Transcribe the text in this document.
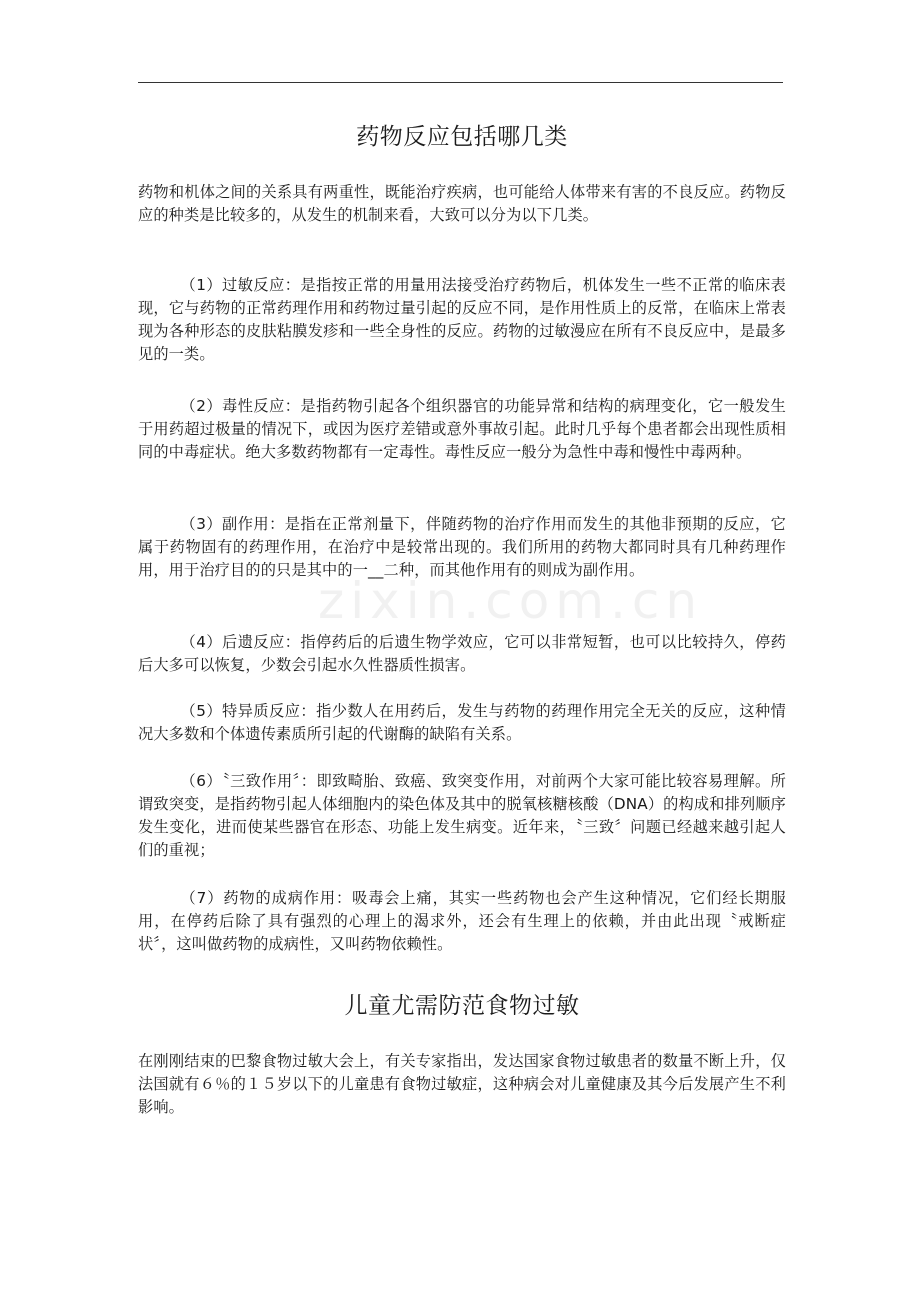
zixin.com.cn
药物反应包括哪几类

药物和机体之间的关系具有两重性，既能治疗疾病，也可能给人体带来有害的不良反应。药物反应的种类是比较多的，从发生的机制来看，大致可以分为以下几类。

（1）过敏反应：是指按正常的用量用法接受治疗药物后，机体发生一些不正常的临床表现，它与药物的正常药理作用和药物过量引起的反应不同，是作用性质上的反常，在临床上常表现为各种形态的皮肤粘膜发疹和一些全身性的反应。药物的过敏漫应在所有不良反应中，是最多见的一类。

（2）毒性反应：是指药物引起各个组织器官的功能异常和结构的病理变化，它一般发生于用药超过极量的情况下，或因为医疗差错或意外事故引起。此时几乎每个患者都会出现性质相同的中毒症状。绝大多数药物都有一定毒性。毒性反应一般分为急性中毒和慢性中毒两种。

（3）副作用：是指在正常剂量下，伴随药物的治疗作用而发生的其他非预期的反应，它属于药物固有的药理作用，在治疗中是较常出现的。我们所用的药物大都同时具有几种药理作用，用于治疗目的的只是其中的一__二种，而其他作用有的则成为副作用。

（4）后遗反应：指停药后的后遗生物学效应，它可以非常短暂，也可以比较持久，停药后大多可以恢复，少数会引起水久性器质性损害。

（5）特异质反应：指少数人在用药后，发生与药物的药理作用完全无关的反应，这种情况大多数和个体遗传素质所引起的代谢酶的缺陷有关系。

（6）〝三致作用〞：即致畸胎、致癌、致突变作用，对前两个大家可能比较容易理解。所谓致突变，是指药物引起人体细胞内的染色体及其中的脱氧核糖核酸（DNA）的构成和排列顺序发生变化，进而使某些器官在形态、功能上发生病变。近年来，〝三致〞问题已经越来越引起人们的重视；

（7）药物的成病作用：吸毒会上痛，其实一些药物也会产生这种情况，它们经长期服用，在停药后除了具有强烈的心理上的渴求外，还会有生理上的依赖，并由此出现〝戒断症状〞，这叫做药物的成病性，又叫药物依赖性。

儿童尤需防范食物过敏

在刚刚结束的巴黎食物过敏大会上，有关专家指出，发达国家食物过敏患者的数量不断上升，仅法国就有６％的１５岁以下的儿童患有食物过敏症，这种病会对儿童健康及其今后发展产生不利影响。
